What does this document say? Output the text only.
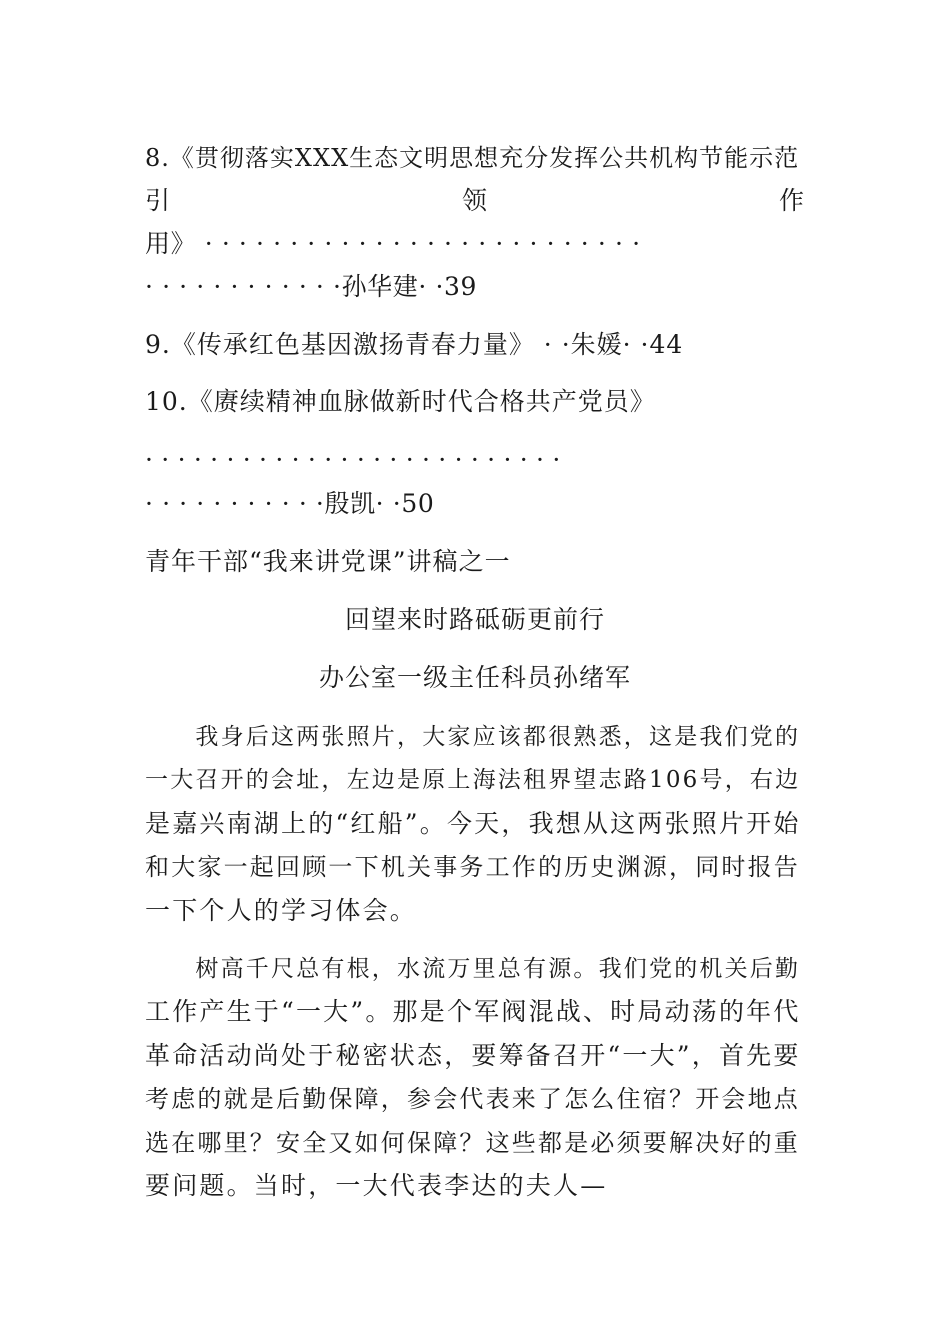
8.《贯彻落实XXX生态文明思想充分发挥公共机构节能示范
引	领	作
用》 · · · · · · · · · · · · · · · · · · · · · · · · · ·
· · · · · · · · · · · ·孙华建· ·39
9.《传承红色基因激扬青春力量》 · ·朱媛· ·44
10.《赓续精神血脉做新时代合格共产党员》
· · · · · · · · · · · · · · · · · · · · · · · · · ·
· · · · · · · · · · ·殷凯· ·50
青年干部“我来讲党课”讲稿之一
回望来时路砥砺更前行
办公室一级主任科员孙绪军
　　我身后这两张照片，大家应该都很熟悉，这是我们党的
一大召开的会址，左边是原上海法租界望志路106号，右边
是嘉兴南湖上的“红船”。今天，我想从这两张照片开始
和大家一起回顾一下机关事务工作的历史渊源，同时报告
一下个人的学习体会。
　　树高千尺总有根，水流万里总有源。我们党的机关后勤
工作产生于“一大”。那是个军阀混战、时局动荡的年代
革命活动尚处于秘密状态，要筹备召开“一大”，首先要
考虑的就是后勤保障，参会代表来了怎么住宿？开会地点
选在哪里？安全又如何保障？这些都是必须要解决好的重
要问题。当时，一大代表李达的夫人—
